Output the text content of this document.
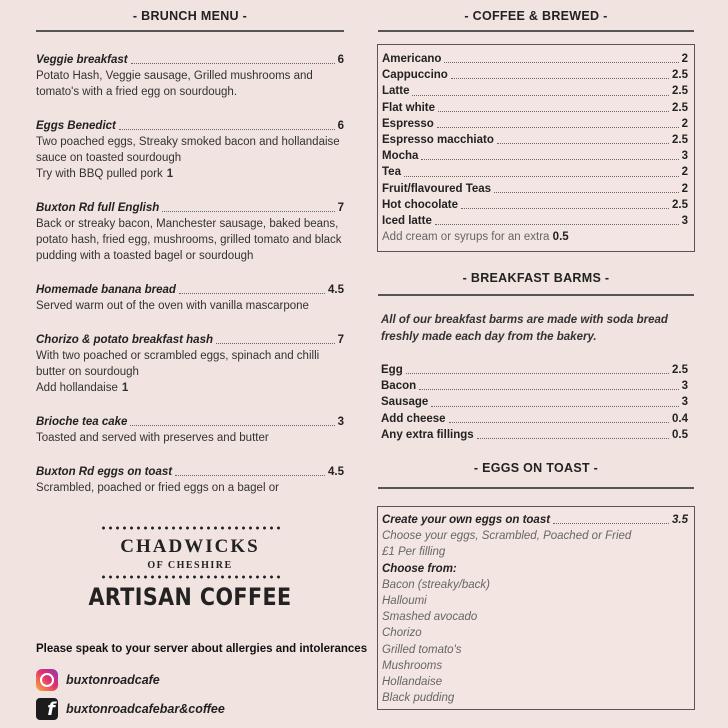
- BRUNCH MENU -
Veggie breakfast	6
Potato Hash, Veggie sausage, Grilled mushrooms and tomato's with a fried egg on sourdough.
Eggs Benedict	6
Two poached eggs, Streaky smoked bacon and hollandaise sauce on toasted sourdough
Try with BBQ pulled pork 1
Buxton Rd full English	7
Back or streaky bacon, Manchester sausage, baked beans, potato hash, fried egg, mushrooms, grilled tomato and black pudding with a toasted bagel or sourdough
Homemade banana bread	4.5
Served warm out of the oven with vanilla mascarpone
Chorizo & potato breakfast hash	7
With two poached or scrambled eggs, spinach and chilli butter on sourdough
Add hollandaise 1
Brioche tea cake	3
Toasted and served with preserves and butter
Buxton Rd eggs on toast	4.5
Scrambled, poached or fried eggs on a bagel or
CHADWICKS
OF CHESHIRE
ARTISAN COFFEE
Please speak to your server about allergies and intolerances
buxtonroadcafe
f buxtonroadcafebar&coffee
- COFFEE & BREWED -
Americano	2
Cappuccino	2.5
Latte	2.5
Flat white	2.5
Espresso	2
Espresso macchiato	2.5
Mocha	3
Tea	2
Fruit/flavoured Teas	2
Hot chocolate	2.5
Iced latte	3
Add cream or syrups for an extra 0.5
- BREAKFAST BARMS -
All of our breakfast barms are made with soda bread freshly made each day from the bakery.
Egg	2.5
Bacon	3
Sausage	3
Add cheese	0.4
Any extra fillings	0.5
- EGGS ON TOAST -
Create your own eggs on toast	3.5
Choose your eggs, Scrambled, Poached or Fried
£1 Per filling
Choose from:
Bacon (streaky/back)
Halloumi
Smashed avocado
Chorizo
Grilled tomato's
Mushrooms
Hollandaise
Black pudding
